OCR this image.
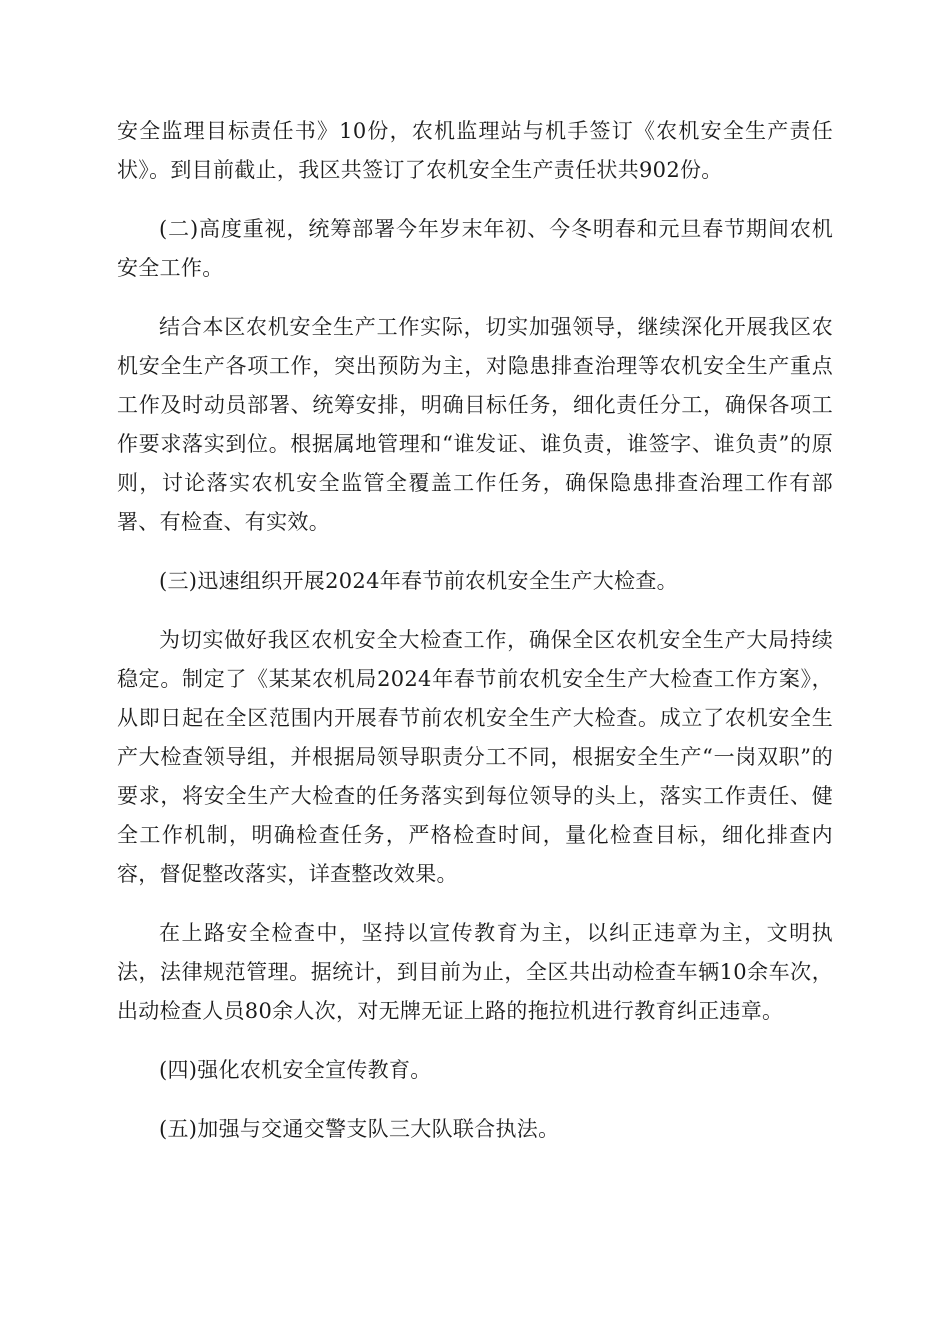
安全监理目标责任书》10份，农机监理站与机手签订《农机安全生产责任状》。到目前截止，我区共签订了农机安全生产责任状共902份。

(二)高度重视，统筹部署今年岁末年初、今冬明春和元旦春节期间农机安全工作。

结合本区农机安全生产工作实际，切实加强领导，继续深化开展我区农机安全生产各项工作，突出预防为主，对隐患排查治理等农机安全生产重点工作及时动员部署、统筹安排，明确目标任务，细化责任分工，确保各项工作要求落实到位。根据属地管理和“谁发证、谁负责，谁签字、谁负责”的原则，讨论落实农机安全监管全覆盖工作任务，确保隐患排查治理工作有部署、有检查、有实效。

(三)迅速组织开展2024年春节前农机安全生产大检查。

为切实做好我区农机安全大检查工作，确保全区农机安全生产大局持续稳定。制定了《某某农机局2024年春节前农机安全生产大检查工作方案》，从即日起在全区范围内开展春节前农机安全生产大检查。成立了农机安全生产大检查领导组，并根据局领导职责分工不同，根据安全生产“一岗双职”的要求，将安全生产大检查的任务落实到每位领导的头上，落实工作责任、健全工作机制，明确检查任务，严格检查时间，量化检查目标，细化排查内容，督促整改落实，详查整改效果。

在上路安全检查中，坚持以宣传教育为主，以纠正违章为主，文明执法，法律规范管理。据统计，到目前为止，全区共出动检查车辆10余车次，出动检查人员80余人次，对无牌无证上路的拖拉机进行教育纠正违章。

(四)强化农机安全宣传教育。

(五)加强与交通交警支队三大队联合执法。
